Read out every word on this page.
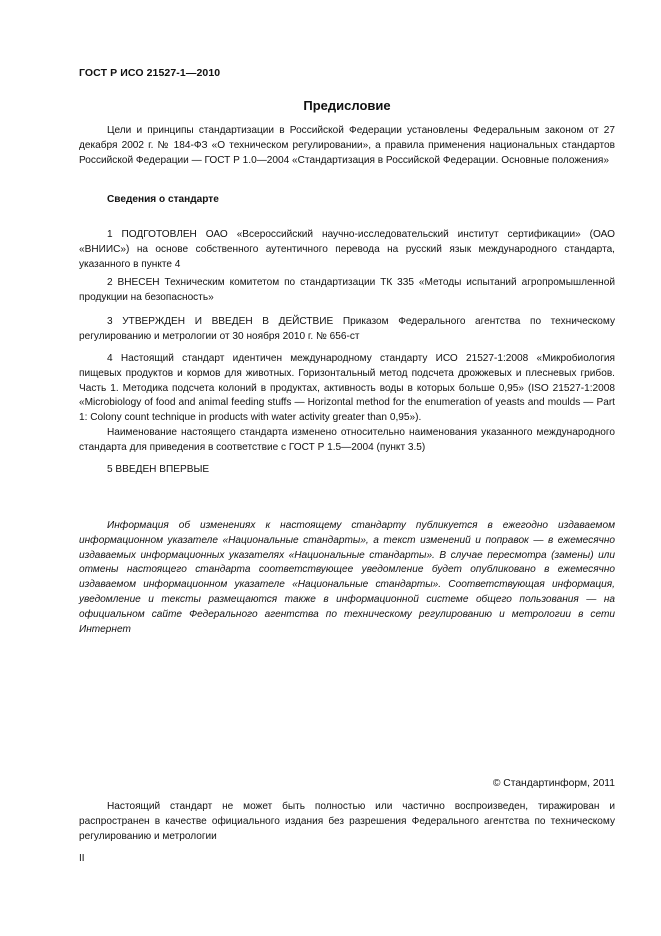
ГОСТ Р ИСО 21527-1—2010
Предисловие

Цели и принципы стандартизации в Российской Федерации установлены Федеральным законом от 27 декабря 2002 г. № 184-ФЗ «О техническом регулировании», а правила применения национальных стандартов Российской Федерации — ГОСТ Р 1.0—2004 «Стандартизация в Российской Федерации. Основные положения»

Сведения о стандарте

1 ПОДГОТОВЛЕН ОАО «Всероссийский научно-исследовательский институт сертификации» (ОАО «ВНИИС») на основе собственного аутентичного перевода на русский язык международного стандарта, указанного в пункте 4

2 ВНЕСЕН Техническим комитетом по стандартизации ТК 335 «Методы испытаний агропромышленной продукции на безопасность»

3 УТВЕРЖДЕН И ВВЕДЕН В ДЕЙСТВИЕ Приказом Федерального агентства по техническому регулированию и метрологии от 30 ноября 2010 г. № 656-ст

4 Настоящий стандарт идентичен международному стандарту ИСО 21527-1:2008 «Микробиология пищевых продуктов и кормов для животных. Горизонтальный метод подсчета дрожжевых и плесневых грибов. Часть 1. Методика подсчета колоний в продуктах, активность воды в которых больше 0,95» (ISO 21527-1:2008 «Microbiology of food and animal feeding stuffs — Horizontal method for the enumeration of yeasts and moulds — Part 1: Colony count technique in products with water activity greater than 0,95»).

Наименование настоящего стандарта изменено относительно наименования указанного международного стандарта для приведения в соответствие с ГОСТ Р 1.5—2004 (пункт 3.5)

5 ВВЕДЕН ВПЕРВЫЕ

Информация об изменениях к настоящему стандарту публикуется в ежегодно издаваемом информационном указателе «Национальные стандарты», а текст изменений и поправок — в ежемесячно издаваемых информационных указателях «Национальные стандарты». В случае пересмотра (замены) или отмены настоящего стандарта соответствующее уведомление будет опубликовано в ежемесячно издаваемом информационном указателе «Национальные стандарты». Соответствующая информация, уведомление и тексты размещаются также в информационной системе общего пользования — на официальном сайте Федерального агентства по техническому регулированию и метрологии в сети Интернет

© Стандартинформ, 2011

Настоящий стандарт не может быть полностью или частично воспроизведен, тиражирован и распространен в качестве официального издания без разрешения Федерального агентства по техническому регулированию и метрологии

II
